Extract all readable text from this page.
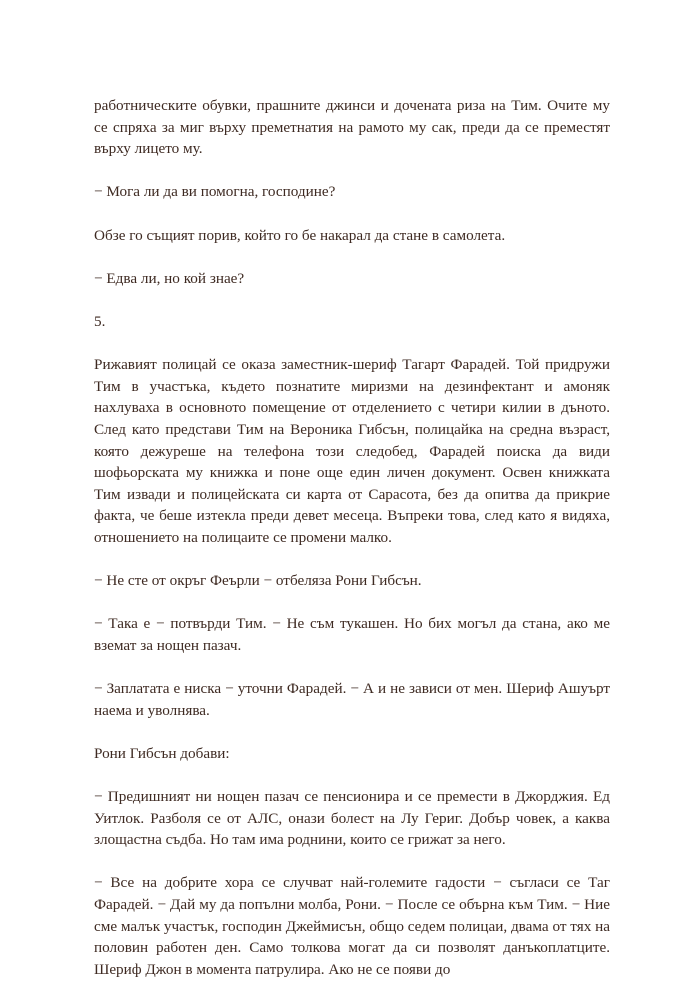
работническите обувки, прашните джинси и доченатa риза на Тим. Очите му се спряха за миг върху преметнатия на рамото му сак, преди да се преместят върху лицето му.

− Мога ли да ви помогна, господине?

Обзе го същият порив, който го бе накарал да стане в самолета.

− Едва ли, но кой знае?

5.

Рижавият полицай се оказа заместник-шериф Тагарт Фарадей. Той придружи Тим в участъка, където познатите миризми на дезинфектант и амоняк нахлуваха в основното помещение от отделението с четири килии в дъното. След като представи Тим на Вероника Гибсън, полицайка на средна възраст, която дежуреше на телефона този следобед, Фарадей поиска да види шофьорската му книжка и поне още един личен документ. Освен книжката Тим извади и полицейската си карта от Сарасота, без да опитва да прикрие факта, че беше изтекла преди девет месеца. Въпреки това, след като я видяха, отношението на полицаите се промени малко.

− Не сте от окръг Феърли − отбеляза Рони Гибсън.

− Така е − потвърди Тим. − Не съм тукашен. Но бих могъл да стана, ако ме вземат за нощен пазач.

− Заплатата е ниска − уточни Фарадей. − А и не зависи от мен. Шериф Ашуърт наема и уволнява.

Рони Гибсън добави:

− Предишният ни нощен пазач се пенсионира и се премести в Джорджия. Ед Уитлок. Разболя се от АЛС, онази болест на Лу Гериг. Добър човек, а каква злощастна съдба. Но там има роднини, които се грижат за него.

− Все на добрите хора се случват най-големите гадости − съгласи се Таг Фарадей. − Дай му да попълни молба, Рони. − После се обърна към Тим. − Ние сме малък участък, господин Джеймисън, общо седем полицаи, двама от тях на половин работен ден. Само толкова могат да си позволят данъкоплатците. Шериф Джон в момента патрулира. Ако не се появи до
